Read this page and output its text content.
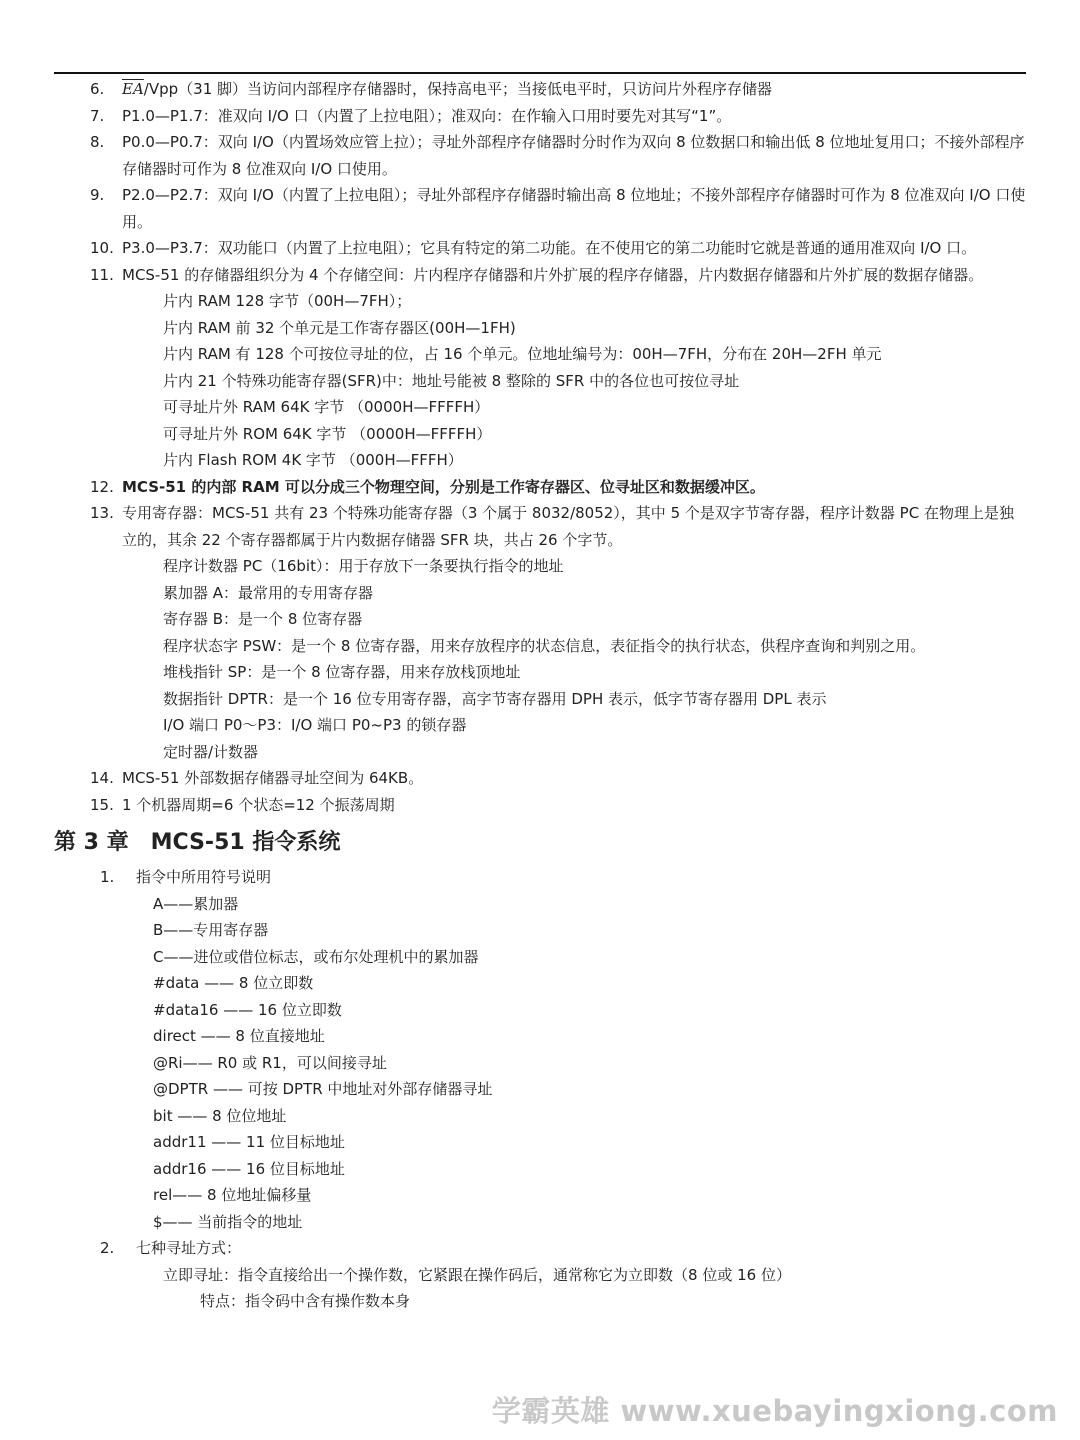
6.	$\overline{EA}/Vpp(31$ 脚）当访问内部程序存储器时，保持高电平；当接低电平时，只访问片外程序存储器
7.	P1.0—P1.7：准双向 I/O 口（内置了上拉电阻）；准双向：在作输入口用时要先对其写“1”。
8.	P0.0—P0.7：双向 I/O（内置场效应管上拉）；寻址外部程序存储器时分时作为双向 8 位数据口和输出低 8 位地址复用口；不接外部程序存储器时可作为 8 位准双向 I/O 口使用。
9.	P2.0—P2.7：双向 I/O（内置了上拉电阻）；寻址外部程序存储器时输出高 8 位地址；不接外部程序存储器时可作为 8 位准双向 I/O 口使用。
10. P3.0—P3.7：双功能口（内置了上拉电阻）；它具有特定的第二功能。在不使用它的第二功能时它就是普通的通用准双向 I/O 口。
11. MCS-51 的存储器组织分为 4 个存储空间：片内程序存储器和片外扩展的程序存储器，片内数据存储器和片外扩展的数据存储器。
片内 RAM 128 字节（00H—7FH）；
片内 RAM 前 32 个单元是工作寄存器区(00H—1FH)
片内 RAM 有 128 个可按位寻址的位，占 16 个单元。位地址编号为：00H—7FH，分布在 20H—2FH 单元
片内 21 个特殊功能寄存器(SFR)中：地址号能被 8 整除的 SFR 中的各位也可按位寻址
可寻址片外 RAM 64K 字节 （0000H—FFFFH）
可寻址片外 ROM 64K 字节 （0000H—FFFFH）
片内 Flash ROM 4K 字节 （000H—FFFH）
12. MCS-51 的内部 RAM 可以分成三个物理空间，分别是工作寄存器区、位寻址区和数据缓冲区。
13. 专用寄存器：MCS-51 共有 23 个特殊功能寄存器（3 个属于 8032/8052），其中 5 个是双字节寄存器，程序计数器 PC 在物理上是独立的，其余 22 个寄存器都属于片内数据存储器 SFR 块，共占 26 个字节。
程序计数器 PC（16bit）：用于存放下一条要执行指令的地址
累加器 A：最常用的专用寄存器
寄存器 B：是一个 8 位寄存器
程序状态字 PSW：是一个 8 位寄存器，用来存放程序的状态信息，表征指令的执行状态，供程序查询和判别之用。
堆栈指针 SP：是一个 8 位寄存器，用来存放栈顶地址
数据指针 DPTR：是一个 16 位专用寄存器，高字节寄存器用 DPH 表示，低字节寄存器用 DPL 表示
I/O 端口 P0～P3：I/O 端口 P0~P3 的锁存器
定时器/计数器
14. MCS-51 外部数据存储器寻址空间为 64KB。
15. 1 个机器周期=6 个状态=12 个振荡周期
第 3 章 MCS-51 指令系统
1.	指令中所用符号说明
A——累加器
B——专用寄存器
C——进位或借位标志，或布尔处理机中的累加器
#data —— 8 位立即数
#data16 —— 16 位立即数
direct —— 8 位直接地址
@Ri—— R0 或 R1，可以间接寻址
@DPTR —— 可按 DPTR 中地址对外部存储器寻址
bit —— 8 位位地址
addr11 —— 11 位目标地址
addr16 —— 16 位目标地址
rel—— 8 位地址偏移量
$—— 当前指令的地址
2.	七种寻址方式：
立即寻址：指令直接给出一个操作数，它紧跟在操作码后，通常称它为立即数（8 位或 16 位）
特点：指令码中含有操作数本身
学霸英雄 www.xuebayingxiong.com
